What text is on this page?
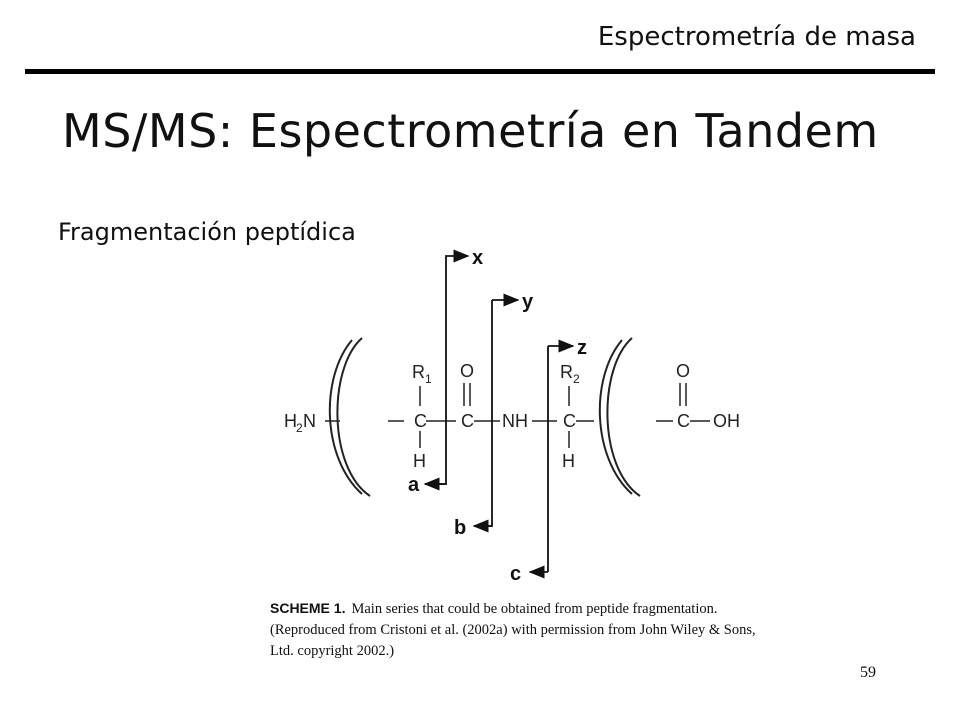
Espectrometría de masa
MS/MS: Espectrometría en Tandem
Fragmentación peptídica
H 2 N	C C NH C	C OH
R 1
H
O	R 2
H
O
x
y
z
a
b
c
SCHEME 1. Main series that could be obtained from peptide fragmentation. (Reproduced from Cristoni et al. (2002a) with permission from John Wiley & Sons, Ltd. copyright 2002.)
59
